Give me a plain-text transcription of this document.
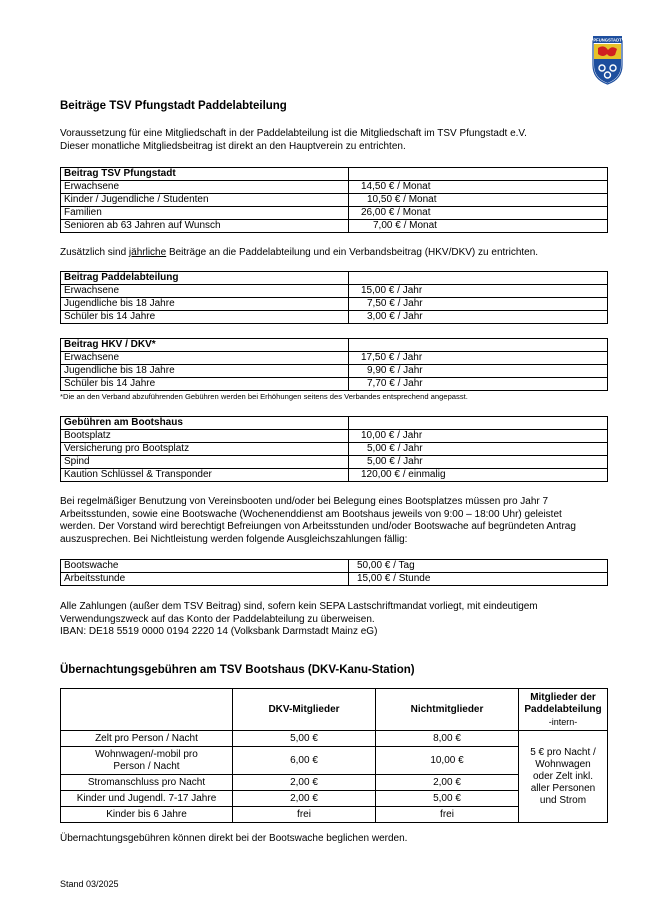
PFUNGSTADT
Beiträge TSV Pfungstadt Paddelabteilung
Voraussetzung für eine Mitgliedschaft in der Paddelabteilung ist die Mitgliedschaft im TSV Pfungstadt e.V.
Dieser monatliche Mitgliedsbeitrag ist direkt an den Hauptverein zu entrichten.
Beitrag TSV Pfungstadt	
Erwachsene	14,50 € / Monat
Kinder / Jugendliche / Studenten	10,50 € / Monat
Familien	26,00 € / Monat
Senioren ab 63 Jahren auf Wunsch	7,00 € / Monat
Zusätzlich sind jährliche Beiträge an die Paddelabteilung und ein Verbandsbeitrag (HKV/DKV) zu entrichten.
Beitrag Paddelabteilung	
Erwachsene	15,00 € / Jahr
Jugendliche bis 18 Jahre	7,50 € / Jahr
Schüler bis 14 Jahre	3,00 € / Jahr
Beitrag HKV / DKV*	
Erwachsene	17,50 € / Jahr
Jugendliche bis 18 Jahre	9,90 € / Jahr
Schüler bis 14 Jahre	7,70 € / Jahr
*Die an den Verband abzuführenden Gebühren werden bei Erhöhungen seitens des Verbandes entsprechend angepasst.
Gebühren am Bootshaus	
Bootsplatz	10,00 € / Jahr
Versicherung pro Bootsplatz	5,00 € / Jahr
Spind	5,00 € / Jahr
Kaution Schlüssel & Transponder	120,00 € / einmalig
Bei regelmäßiger Benutzung von Vereinsbooten und/oder bei Belegung eines Bootsplatzes müssen pro Jahr 7
Arbeitsstunden, sowie eine Bootswache (Wochenenddienst am Bootshaus jeweils von 9:00 – 18:00 Uhr) geleistet
werden. Der Vorstand wird berechtigt Befreiungen von Arbeitsstunden und/oder Bootswache auf begründeten Antrag
auszusprechen. Bei Nichtleistung werden folgende Ausgleichszahlungen fällig:
Bootswache	50,00 € / Tag
Arbeitsstunde	15,00 € / Stunde
Alle Zahlungen (außer dem TSV Beitrag) sind, sofern kein SEPA Lastschriftmandat vorliegt, mit eindeutigem
Verwendungszweck auf das Konto der Paddelabteilung zu überweisen.
IBAN: DE18 5519 0000 0194 2220 14 (Volksbank Darmstadt Mainz eG)
Übernachtungsgebühren am TSV Bootshaus (DKV-Kanu-Station)
	DKV-Mitglieder	Nichtmitglieder	Mitglieder der Paddelabteilung
-intern-

Zelt pro Person / Nacht	5,00 €	8,00 €	5 € pro Nacht / Wohnwagen oder Zelt inkl. aller Personen und Strom
Wohnwagen/-mobil pro Person / Nacht	6,00 €	10,00 €	
Stromanschluss pro Nacht	2,00 €	2,00 €	
Kinder und Jugendl. 7-17 Jahre	2,00 €	5,00 €	
Kinder bis 6 Jahre	frei	frei	
Übernachtungsgebühren können direkt bei der Bootswache beglichen werden.
Stand 03/2025
